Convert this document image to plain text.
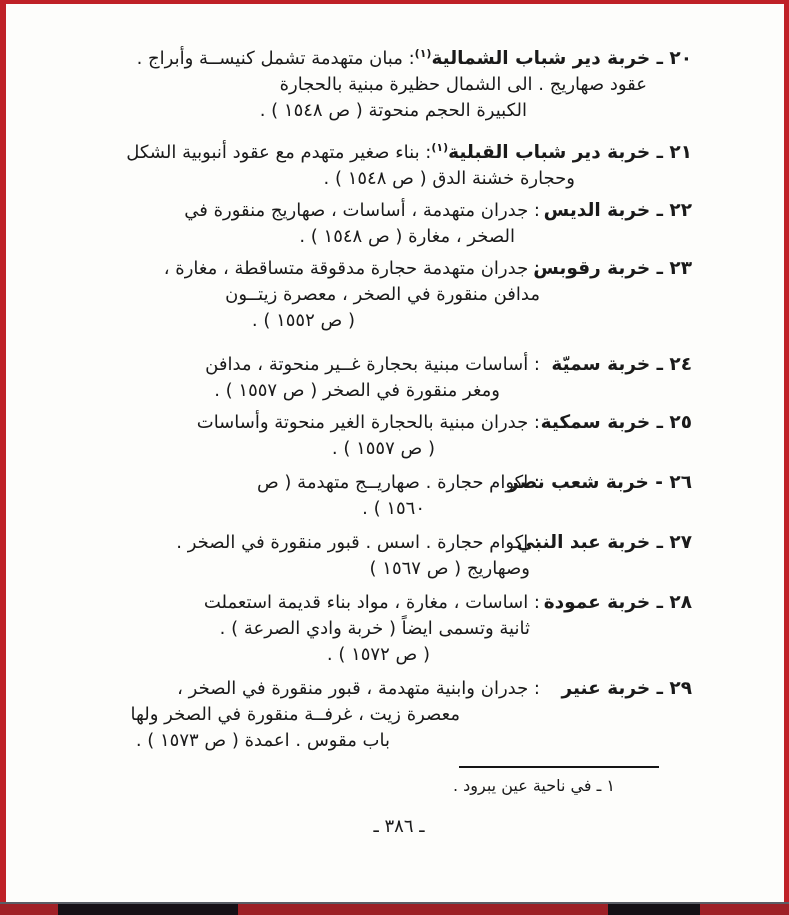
٢٠ ـ خربة دير شباب الشمالية$^{(١)}$: مبان متهدمة تشمل كنيســة وأبراج .
عقود صهاريج . الى الشمال حظيرة مبنية بالحجارة
الكبيرة الحجم منحوتة ( ص ١٥٤٨ ) .
٢١ ـ خربة دير شباب القبلية$^{(١)}$: بناء صغير متهدم مع عقود أنبوبية الشكل
وحجارة خشنة الدق ( ص ١٥٤٨ ) .
٢٢ ـ خربة الديس
: جدران متهدمة ، أساسات ، صهاريج منقورة في
الصخر ، مغارة ( ص ١٥٤٨ ) .
٢٣ ـ خربة رقوبس
: جدران متهدمة حجارة مدقوقة متساقطة ، مغارة ،
مدافن منقورة في الصخر ، معصرة زيتــون
( ص ١٥٥٢ ) .
٢٤ ـ خربة سميّة
: أساسات مبنية بحجارة غــير منحوتة ، مدافن
ومغر منقورة في الصخر ( ص ١٥٥٧ ) .
٢٥ ـ خربة سمكية
: جدران مبنية بالحجارة الغير منحوتة وأساسات
( ص ١٥٥٧ ) .
٢٦ - خربة شعب نصر
: اكوام حجارة . صهاريــج متهدمة ( ص
١٥٦٠ ) .
٢٧ ـ خربة عبد النبي
: اكوام حجارة . اسس . قبور منقورة في الصخر .
وصهاريج ( ص ١٥٦٧ )
٢٨ ـ خربة عمودة
: اساسات ، مغارة ، مواد بناء قديمة استعملت
ثانية وتسمى ايضاً ( خربة وادي الصرعة ) .
( ص ١٥٧٢ ) .
٢٩ ـ خربة عنير
: جدران وابنية متهدمة ، قبور منقورة في الصخر ،
معصرة زيت ، غرفــة منقورة في الصخر ولها
باب مقوس . اعمدة ( ص ١٥٧٣ ) .
١ ـ في ناحية عين يبرود .
ـ ٣٨٦ ـ
